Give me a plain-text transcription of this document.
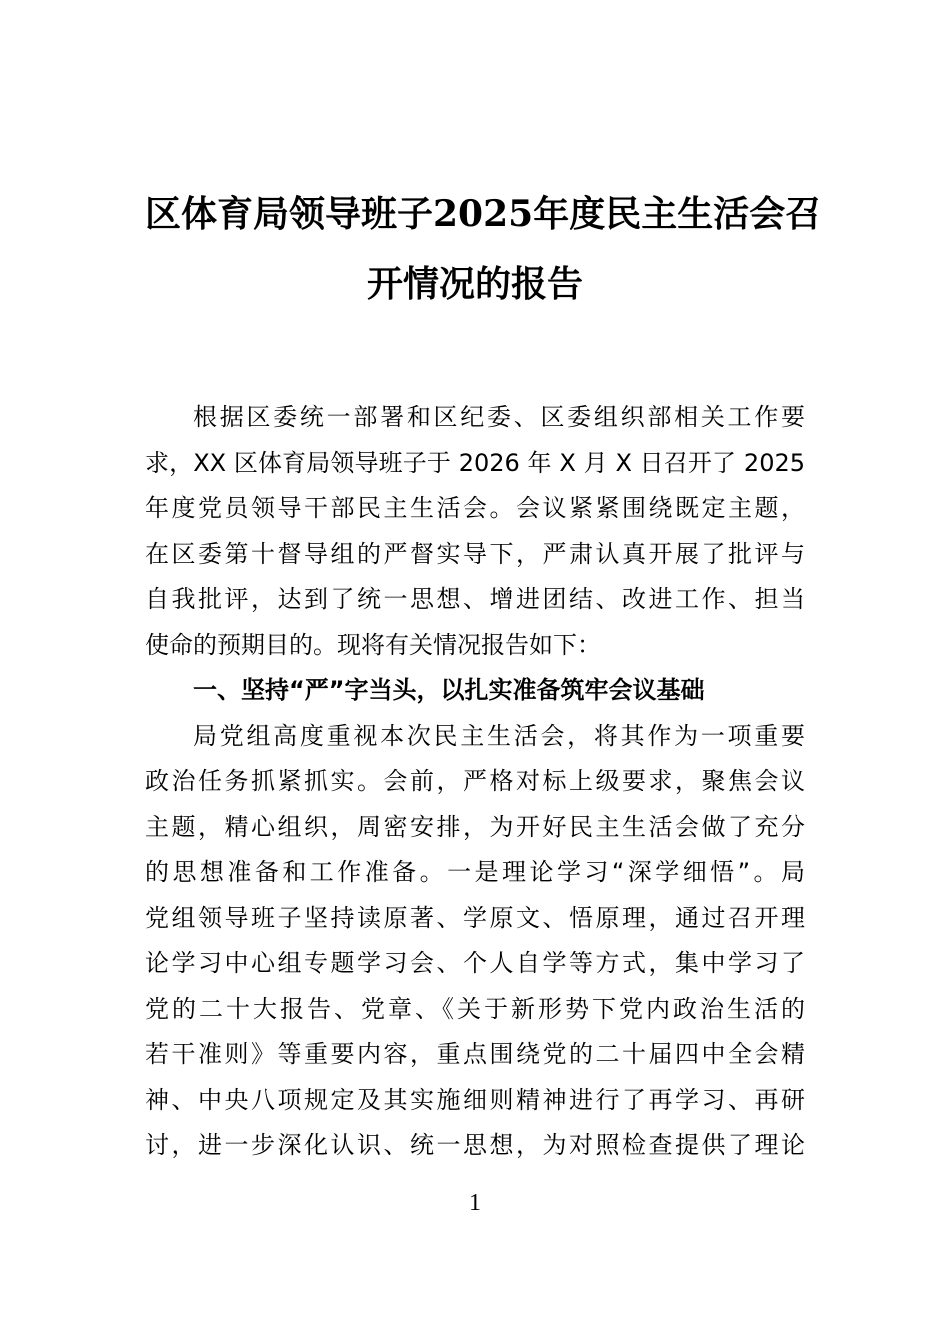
区体育局领导班子2025年度民主生活会召
开情况的报告
根据区委统一部署和区纪委、区委组织部相关工作要
求，XX 区体育局领导班子于 2026 年 X 月 X 日召开了 2025
年度党员领导干部民主生活会。会议紧紧围绕既定主题，
在区委第十督导组的严督实导下，严肃认真开展了批评与
自我批评，达到了统一思想、增进团结、改进工作、担当
使命的预期目的。现将有关情况报告如下：
一、坚持“严”字当头，以扎实准备筑牢会议基础
局党组高度重视本次民主生活会，将其作为一项重要
政治任务抓紧抓实。会前，严格对标上级要求，聚焦会议
主题，精心组织，周密安排，为开好民主生活会做了充分
的思想准备和工作准备。一是理论学习“深学细悟”。局
党组领导班子坚持读原著、学原文、悟原理，通过召开理
论学习中心组专题学习会、个人自学等方式，集中学习了
党的二十大报告、党章、《关于新形势下党内政治生活的
若干准则》等重要内容，重点围绕党的二十届四中全会精
神、中央八项规定及其实施细则精神进行了再学习、再研
讨，进一步深化认识、统一思想，为对照检查提供了理论
1
